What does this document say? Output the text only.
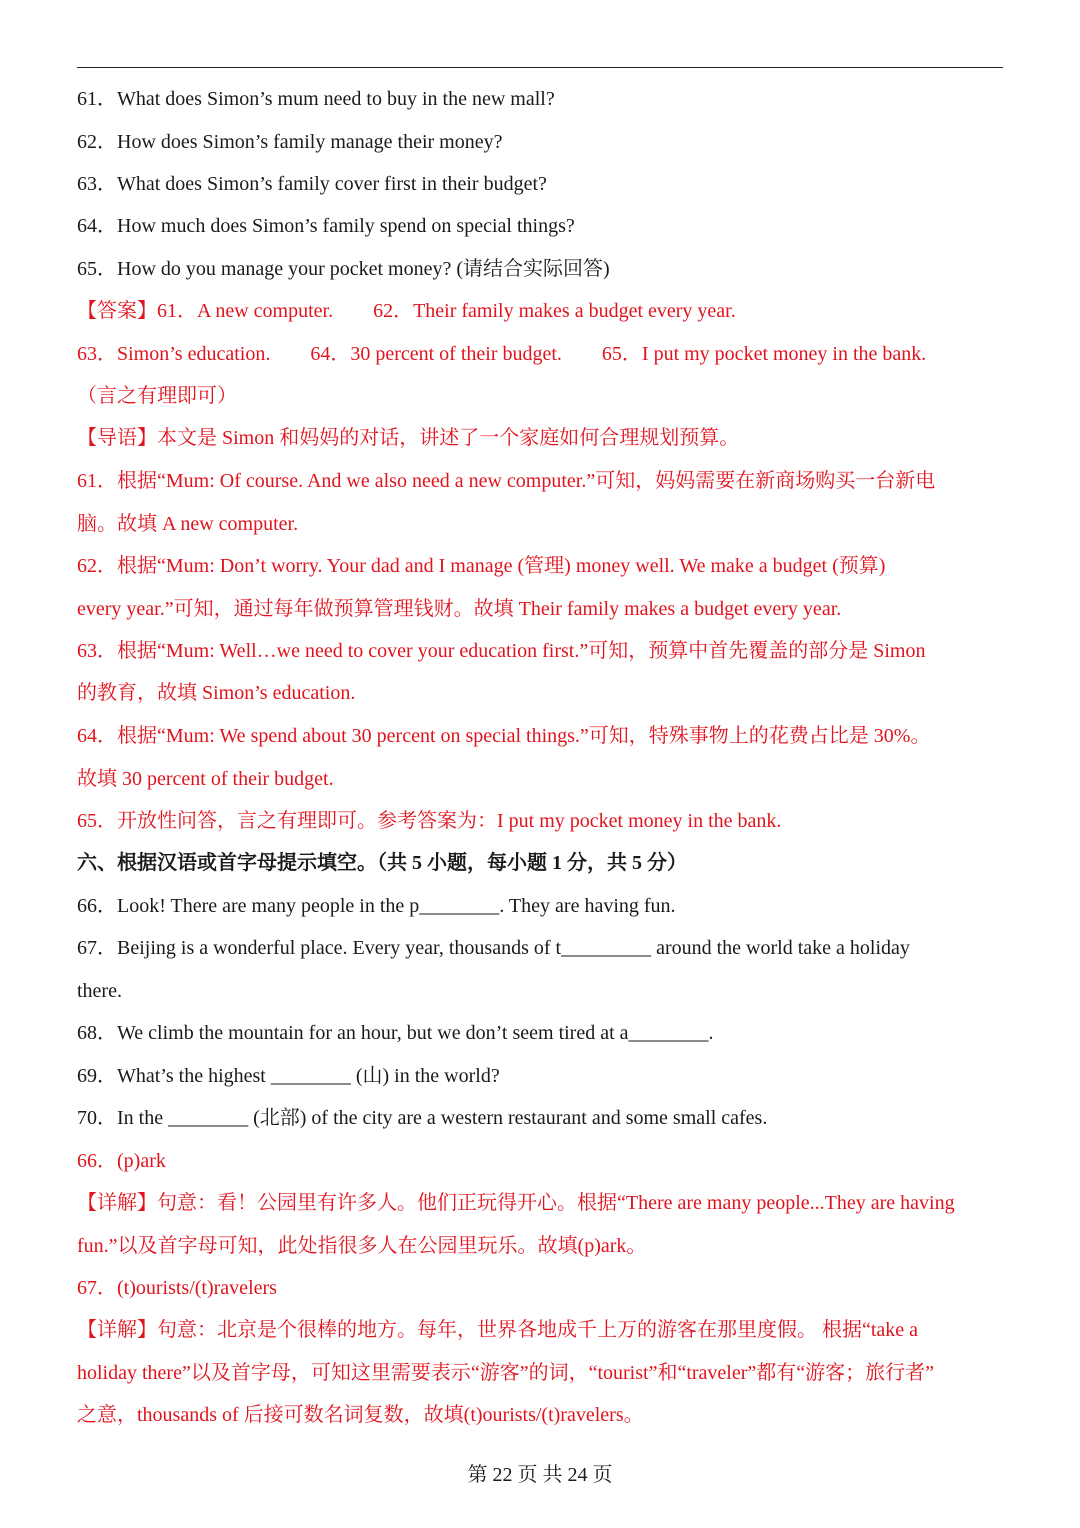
61．What does Simon’s mum need to buy in the new mall?
62．How does Simon’s family manage their money?
63．What does Simon’s family cover first in their budget?
64．How much does Simon’s family spend on special things?
65．How do you manage your pocket money? (请结合实际回答)
【答案】61．A new computer.        62．Their family makes a budget every year.
63．Simon’s education.        64．30 percent of their budget.        65．I put my pocket money in the bank.
（言之有理即可）
【导语】本文是 Simon 和妈妈的对话，讲述了一个家庭如何合理规划预算。
61．根据“Mum: Of course. And we also need a new computer.”可知，妈妈需要在新商场购买一台新电
脑。故填 A new computer.
62．根据“Mum: Don’t worry. Your dad and I manage (管理) money well. We make a budget (预算)
every year.”可知，通过每年做预算管理钱财。故填 Their family makes a budget every year.
63．根据“Mum: Well…we need to cover your education first.”可知，预算中首先覆盖的部分是 Simon
的教育，故填 Simon’s education.
64．根据“Mum: We spend about 30 percent on special things.”可知，特殊事物上的花费占比是 30%。
故填 30 percent of their budget.
65．开放性问答，言之有理即可。参考答案为：I put my pocket money in the bank.
六、根据汉语或首字母提示填空。（共 5 小题，每小题 1 分，共 5 分）
66．Look! There are many people in the p________. They are having fun.
67．Beijing is a wonderful place. Every year, thousands of t_________ around the world take a holiday
there.
68．We climb the mountain for an hour, but we don’t seem tired at a________.
69．What’s the highest ________ (山) in the world?
70．In the ________ (北部) of the city are a western restaurant and some small cafes.
66．(p)ark
【详解】句意：看！公园里有许多人。他们正玩得开心。根据“There are many people...They are having
fun.”以及首字母可知，此处指很多人在公园里玩乐。故填(p)ark。
67．(t)ourists/(t)ravelers
【详解】句意：北京是个很棒的地方。每年，世界各地成千上万的游客在那里度假。 根据“take a
holiday there”以及首字母，可知这里需要表示“游客”的词，“tourist”和“traveler”都有“游客；旅行者”
之意，thousands of 后接可数名词复数，故填(t)ourists/(t)ravelers。
第 22 页 共 24 页
